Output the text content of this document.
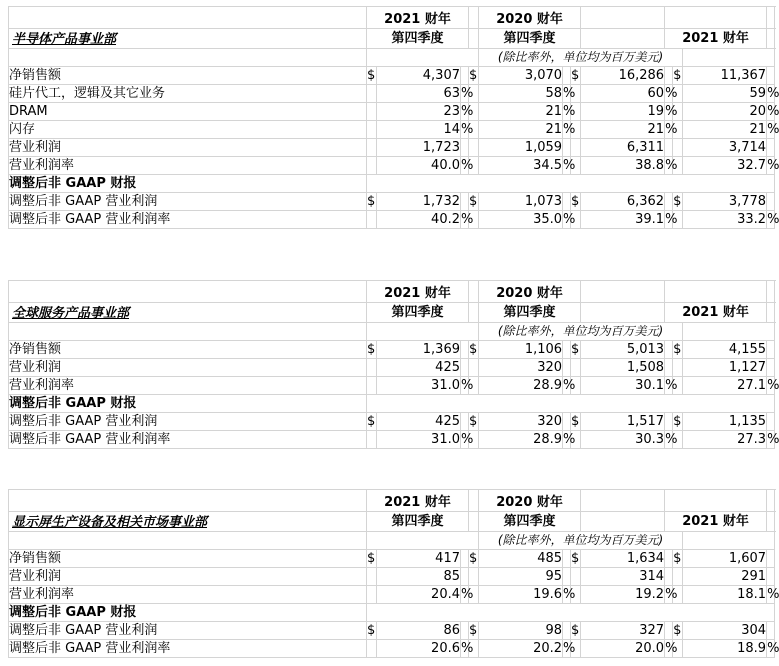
	2021 财年				2020 财年								
半导体产品事业部	第四季度				第四季度				2021 财年			
					(除比率外，单位均为百万美元)								
净销售额	$	4,307		$	3,070		$	16,286		$	11,367		
硅片代工，逻辑及其它业务		63	%		58	%		60	%		59	%	
DRAM		23	%		21	%		19	%		20	%	
闪存		14	%		21	%		21	%		21	%	
营业利润		1,723			1,059			6,311			3,714		
营业利润率		40.0	%		34.5	%		38.8	%		32.7	%	
调整后非 GAAP 财报													
调整后非 GAAP 营业利润	$	1,732		$	1,073		$	6,362		$	3,778		
调整后非 GAAP 营业利润率		40.2	%		35.0	%		39.1	%		33.2	%	
	2021 财年				2020 财年								
全球服务产品事业部	第四季度				第四季度				2021 财年			
					(除比率外，单位均为百万美元)								
净销售额	$	1,369		$	1,106		$	5,013		$	4,155		
营业利润		425			320			1,508			1,127		
营业利润率		31.0	%		28.9	%		30.1	%		27.1	%	
调整后非 GAAP 财报													
调整后非 GAAP 营业利润	$	425		$	320		$	1,517		$	1,135		
调整后非 GAAP 营业利润率		31.0	%		28.9	%		30.3	%		27.3	%	
	2021 财年				2020 财年								
显示屏生产设备及相关市场事业部	第四季度				第四季度				2021 财年			
					(除比率外，单位均为百万美元)								
净销售额	$	417		$	485		$	1,634		$	1,607		
营业利润		85			95			314			291		
营业利润率		20.4	%		19.6	%		19.2	%		18.1	%	
调整后非 GAAP 财报													
调整后非 GAAP 营业利润	$	86		$	98		$	327		$	304		
调整后非 GAAP 营业利润率		20.6	%		20.2	%		20.0	%		18.9	%	
